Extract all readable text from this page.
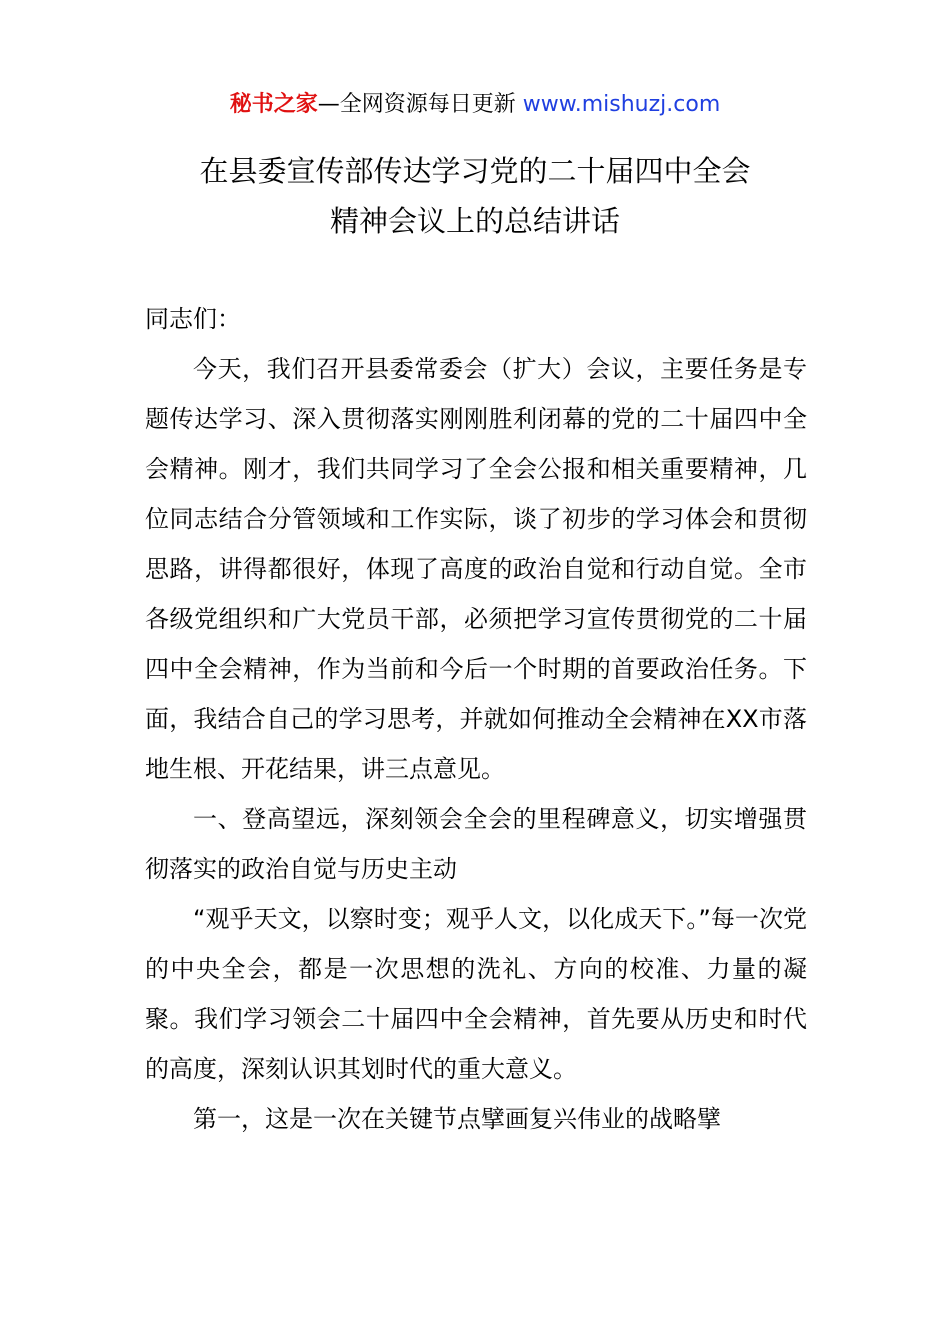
秘书之家—全网资源每日更新 www.mishuzj.com
在县委宣传部传达学习党的二十届四中全会
精神会议上的总结讲话

同志们：

今天，我们召开县委常委会（扩大）会议，主要任务是专题传达学习、深入贯彻落实刚刚胜利闭幕的党的二十届四中全会精神。刚才，我们共同学习了全会公报和相关重要精神，几位同志结合分管领域和工作实际，谈了初步的学习体会和贯彻思路，讲得都很好，体现了高度的政治自觉和行动自觉。全市各级党组织和广大党员干部，必须把学习宣传贯彻党的二十届四中全会精神，作为当前和今后一个时期的首要政治任务。下面，我结合自己的学习思考，并就如何推动全会精神在XX市落地生根、开花结果，讲三点意见。

一、登高望远，深刻领会全会的里程碑意义，切实增强贯彻落实的政治自觉与历史主动

“观乎天文，以察时变；观乎人文，以化成天下。”每一次党的中央全会，都是一次思想的洗礼、方向的校准、力量的凝聚。我们学习领会二十届四中全会精神，首先要从历史和时代的高度，深刻认识其划时代的重大意义。

第一，这是一次在关键节点擘画复兴伟业的战略擘
